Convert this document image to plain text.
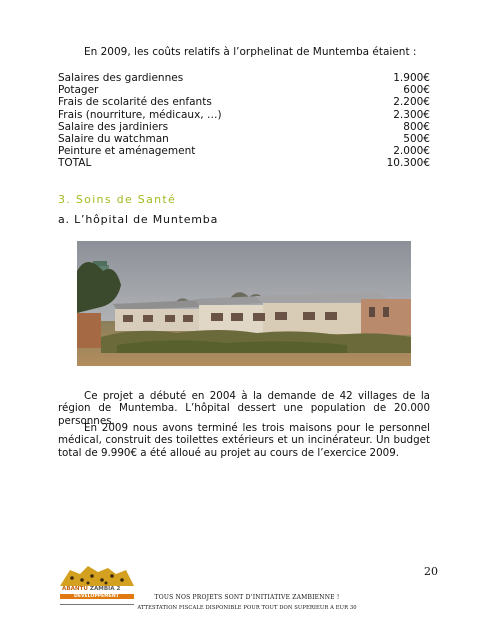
En 2009, les coûts relatifs à l’orphelinat de Muntemba étaient :
Salaires des gardiennes	1.900€
Potager	600€
Frais de scolarité des enfants	2.200€
Frais (nourriture, médicaux, …)	2.300€
Salaire des jardiniers	800€
Salaire du watchman	500€
Peinture et aménagement	2.000€
TOTAL	10.300€
3. Soins de Santé
a. L’hôpital de Muntemba
Ce projet a débuté en 2004 à la demande de 42 villages de la région de Muntemba. L’hôpital dessert une population de 20.000 personnes.
En 2009 nous avons terminé les trois maisons pour le personnel médical, construit des toilettes extérieurs et un incinérateur. Un budget total de 9.990€ a été alloué au projet au cours de l’exercice 2009.
20
ABANTU ZAMBIA 2
DEVELOPPEMENT	TOUS NOS PROJETS SONT D’INITIATIVE ZAMBIENNE !
ATTESTATION FISCALE DISPONIBLE POUR TOUT DON SUPERIEUR A EUR 30
